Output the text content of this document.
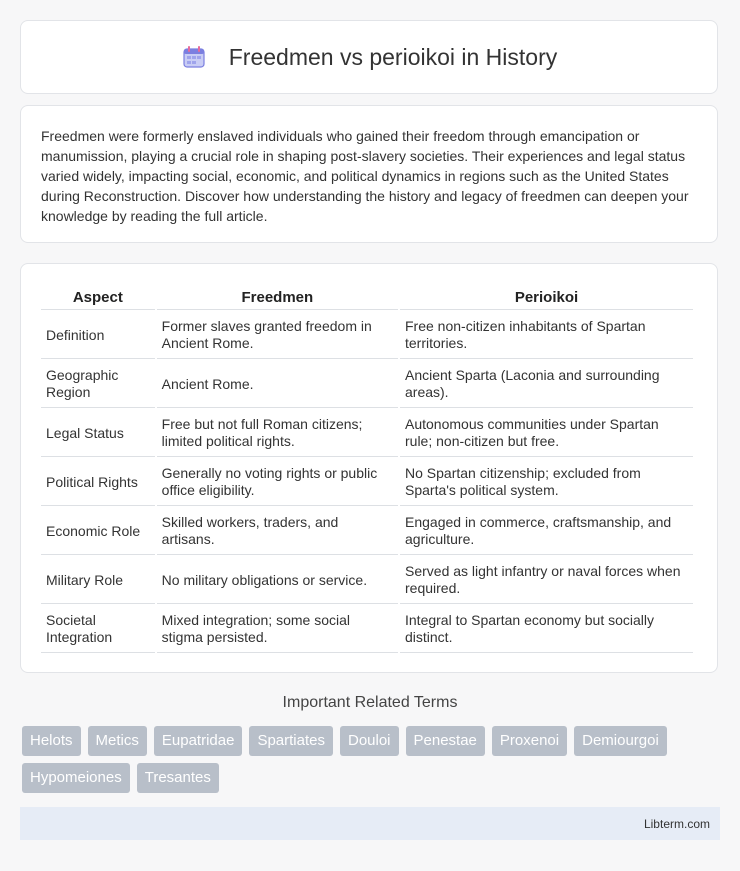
Freedmen vs perioikoi in History

Freedmen were formerly enslaved individuals who gained their freedom through emancipation or manumission, playing a crucial role in shaping post-slavery societies. Their experiences and legal status varied widely, impacting social, economic, and political dynamics in regions such as the United States during Reconstruction. Discover how understanding the history and legacy of freedmen can deepen your knowledge by reading the full article.

Aspect	Freedmen	Perioikoi
Definition	Former slaves granted freedom in Ancient Rome.	Free non-citizen inhabitants of Spartan territories.
Geographic Region	Ancient Rome.	Ancient Sparta (Laconia and surrounding areas).
Legal Status	Free but not full Roman citizens; limited political rights.	Autonomous communities under Spartan rule; non-citizen but free.
Political Rights	Generally no voting rights or public office eligibility.	No Spartan citizenship; excluded from Sparta's political system.
Economic Role	Skilled workers, traders, and artisans.	Engaged in commerce, craftsmanship, and agriculture.
Military Role	No military obligations or service.	Served as light infantry or naval forces when required.
Societal Integration	Mixed integration; some social stigma persisted.	Integral to Spartan economy but socially distinct.
Important Related Terms
Helots	Metics	Eupatridae	Spartiates	Douloi	Penestae	Proxenoi	Demiourgoi
Hypomeiones	Tresantes
Libterm.com
